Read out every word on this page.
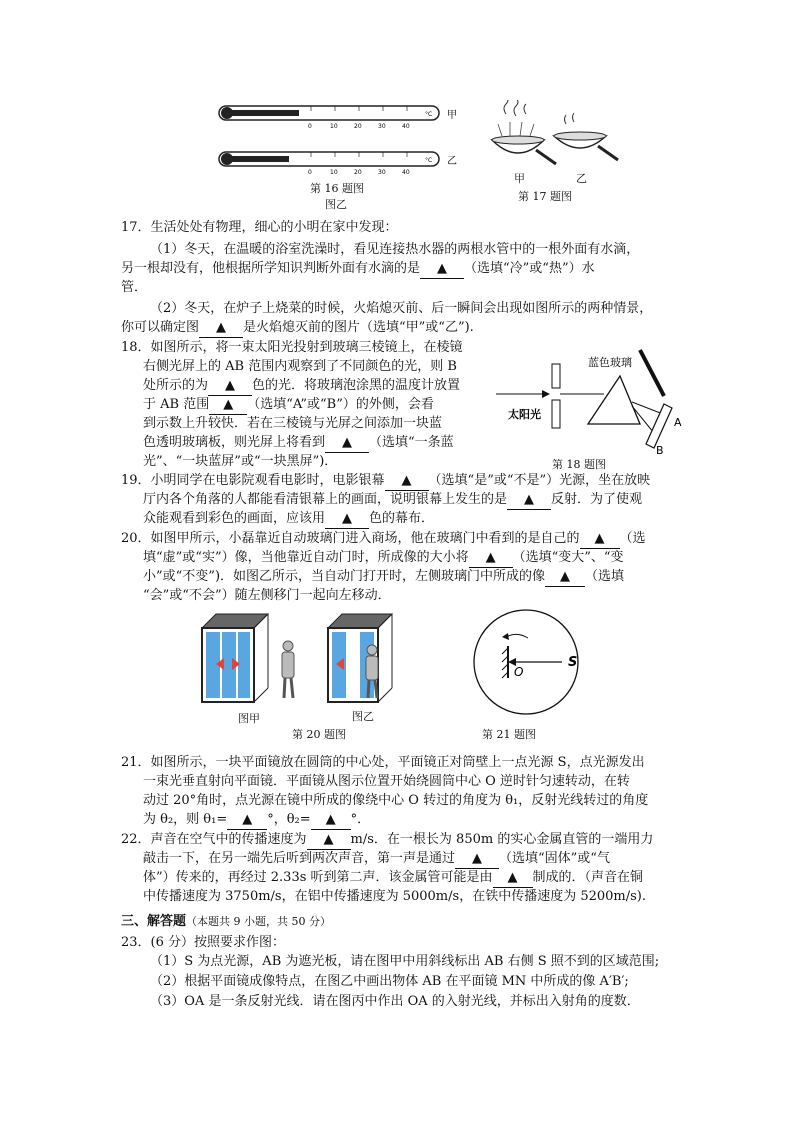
0	10	20	30	40
°C 甲
0	10	20	30	40
°C 乙
第 16 题图
图乙
甲	乙
第 17 题图
17．生活处处有物理，细心的小明在家中发现：
（1）冬天，在温暖的浴室洗澡时，看见连接热水器的两根水管中的一根外面有水滴，
另一根却没有，他根据所学知识判断外面有水滴的是 ▲ （选填“冷”或“热”）水
管．
（2）冬天，在炉子上烧菜的时候，火焰熄灭前、后一瞬间会出现如图所示的两种情景，
你可以确定图 ▲ 是火焰熄灭前的图片（选填“甲”或“乙”).
18．如图所示，将一束太阳光投射到玻璃三棱镜上，在棱镜
右侧光屏上的 AB 范围内观察到了不同颜色的光，则 B
处所示的为 ▲ 色的光．将玻璃泡涂黑的温度计放置
于 AB 范围 ▲ （选填“A”或“B”）的外侧，会看
到示数上升较快．若在三棱镜与光屏之间添加一块蓝
色透明玻璃板，则光屏上将看到 ▲ （选填“一条蓝
光”、“一块蓝屏”或“一块黑屏”)．
蓝色玻璃
太阳光
A
B
第 18 题图
19．小明同学在电影院观看电影时，电影银幕 ▲ （选填“是”或“不是”）光源，坐在放映
厅内各个角落的人都能看清银幕上的画面，说明银幕上发生的是 ▲ 反射．为了使观
众能观看到彩色的画面，应该用 ▲ 色的幕布．
20．如图甲所示，小磊靠近自动玻璃门进入商场，他在玻璃门中看到的是自己的 ▲ （选
填“虚”或“实”）像，当他靠近自动门时，所成像的大小将 ▲ （选填“变大”、“变
小”或“不变”)．如图乙所示，当自动门打开时，左侧玻璃门中所成的像 ▲ （选填
“会”或“不会”）随左侧移门一起向左移动．
图甲	图乙
第 20 题图
O
S
第 21 题图
21．如图所示，一块平面镜放在圆筒的中心处，平面镜正对筒壁上一点光源 S，点光源发出
一束光垂直射向平面镜．平面镜从图示位置开始绕圆筒中心 O 逆时针匀速转动，在转
动过 20°角时，点光源在镜中所成的像绕中心 O 转过的角度为 θ₁，反射光线转过的角度
为 θ₂，则 θ₁= ▲ °，θ₂= ▲ °．
22．声音在空气中的传播速度为 ▲ m/s．在一根长为 850m 的实心金属直管的一端用力
敲击一下，在另一端先后听到两次声音，第一声是通过 ▲ （选填“固体”或“气
体”）传来的，再经过 2.33s 听到第二声．该金属管可能是由 ▲ 制成的．（声音在铜
中传播速度为 3750m/s，在铝中传播速度为 5000m/s，在铁中传播速度为 5200m/s).
三、解答题（本题共 9 小题，共 50 分）
23．(6 分）按照要求作图：
（1）S 为点光源，AB 为遮光板，请在图甲中用斜线标出 AB 右侧 S 照不到的区域范围;
（2）根据平面镜成像特点，在图乙中画出物体 AB 在平面镜 MN 中所成的像 A′B′;
（3）OA 是一条反射光线．请在图丙中作出 OA 的入射光线，并标出入射角的度数．
